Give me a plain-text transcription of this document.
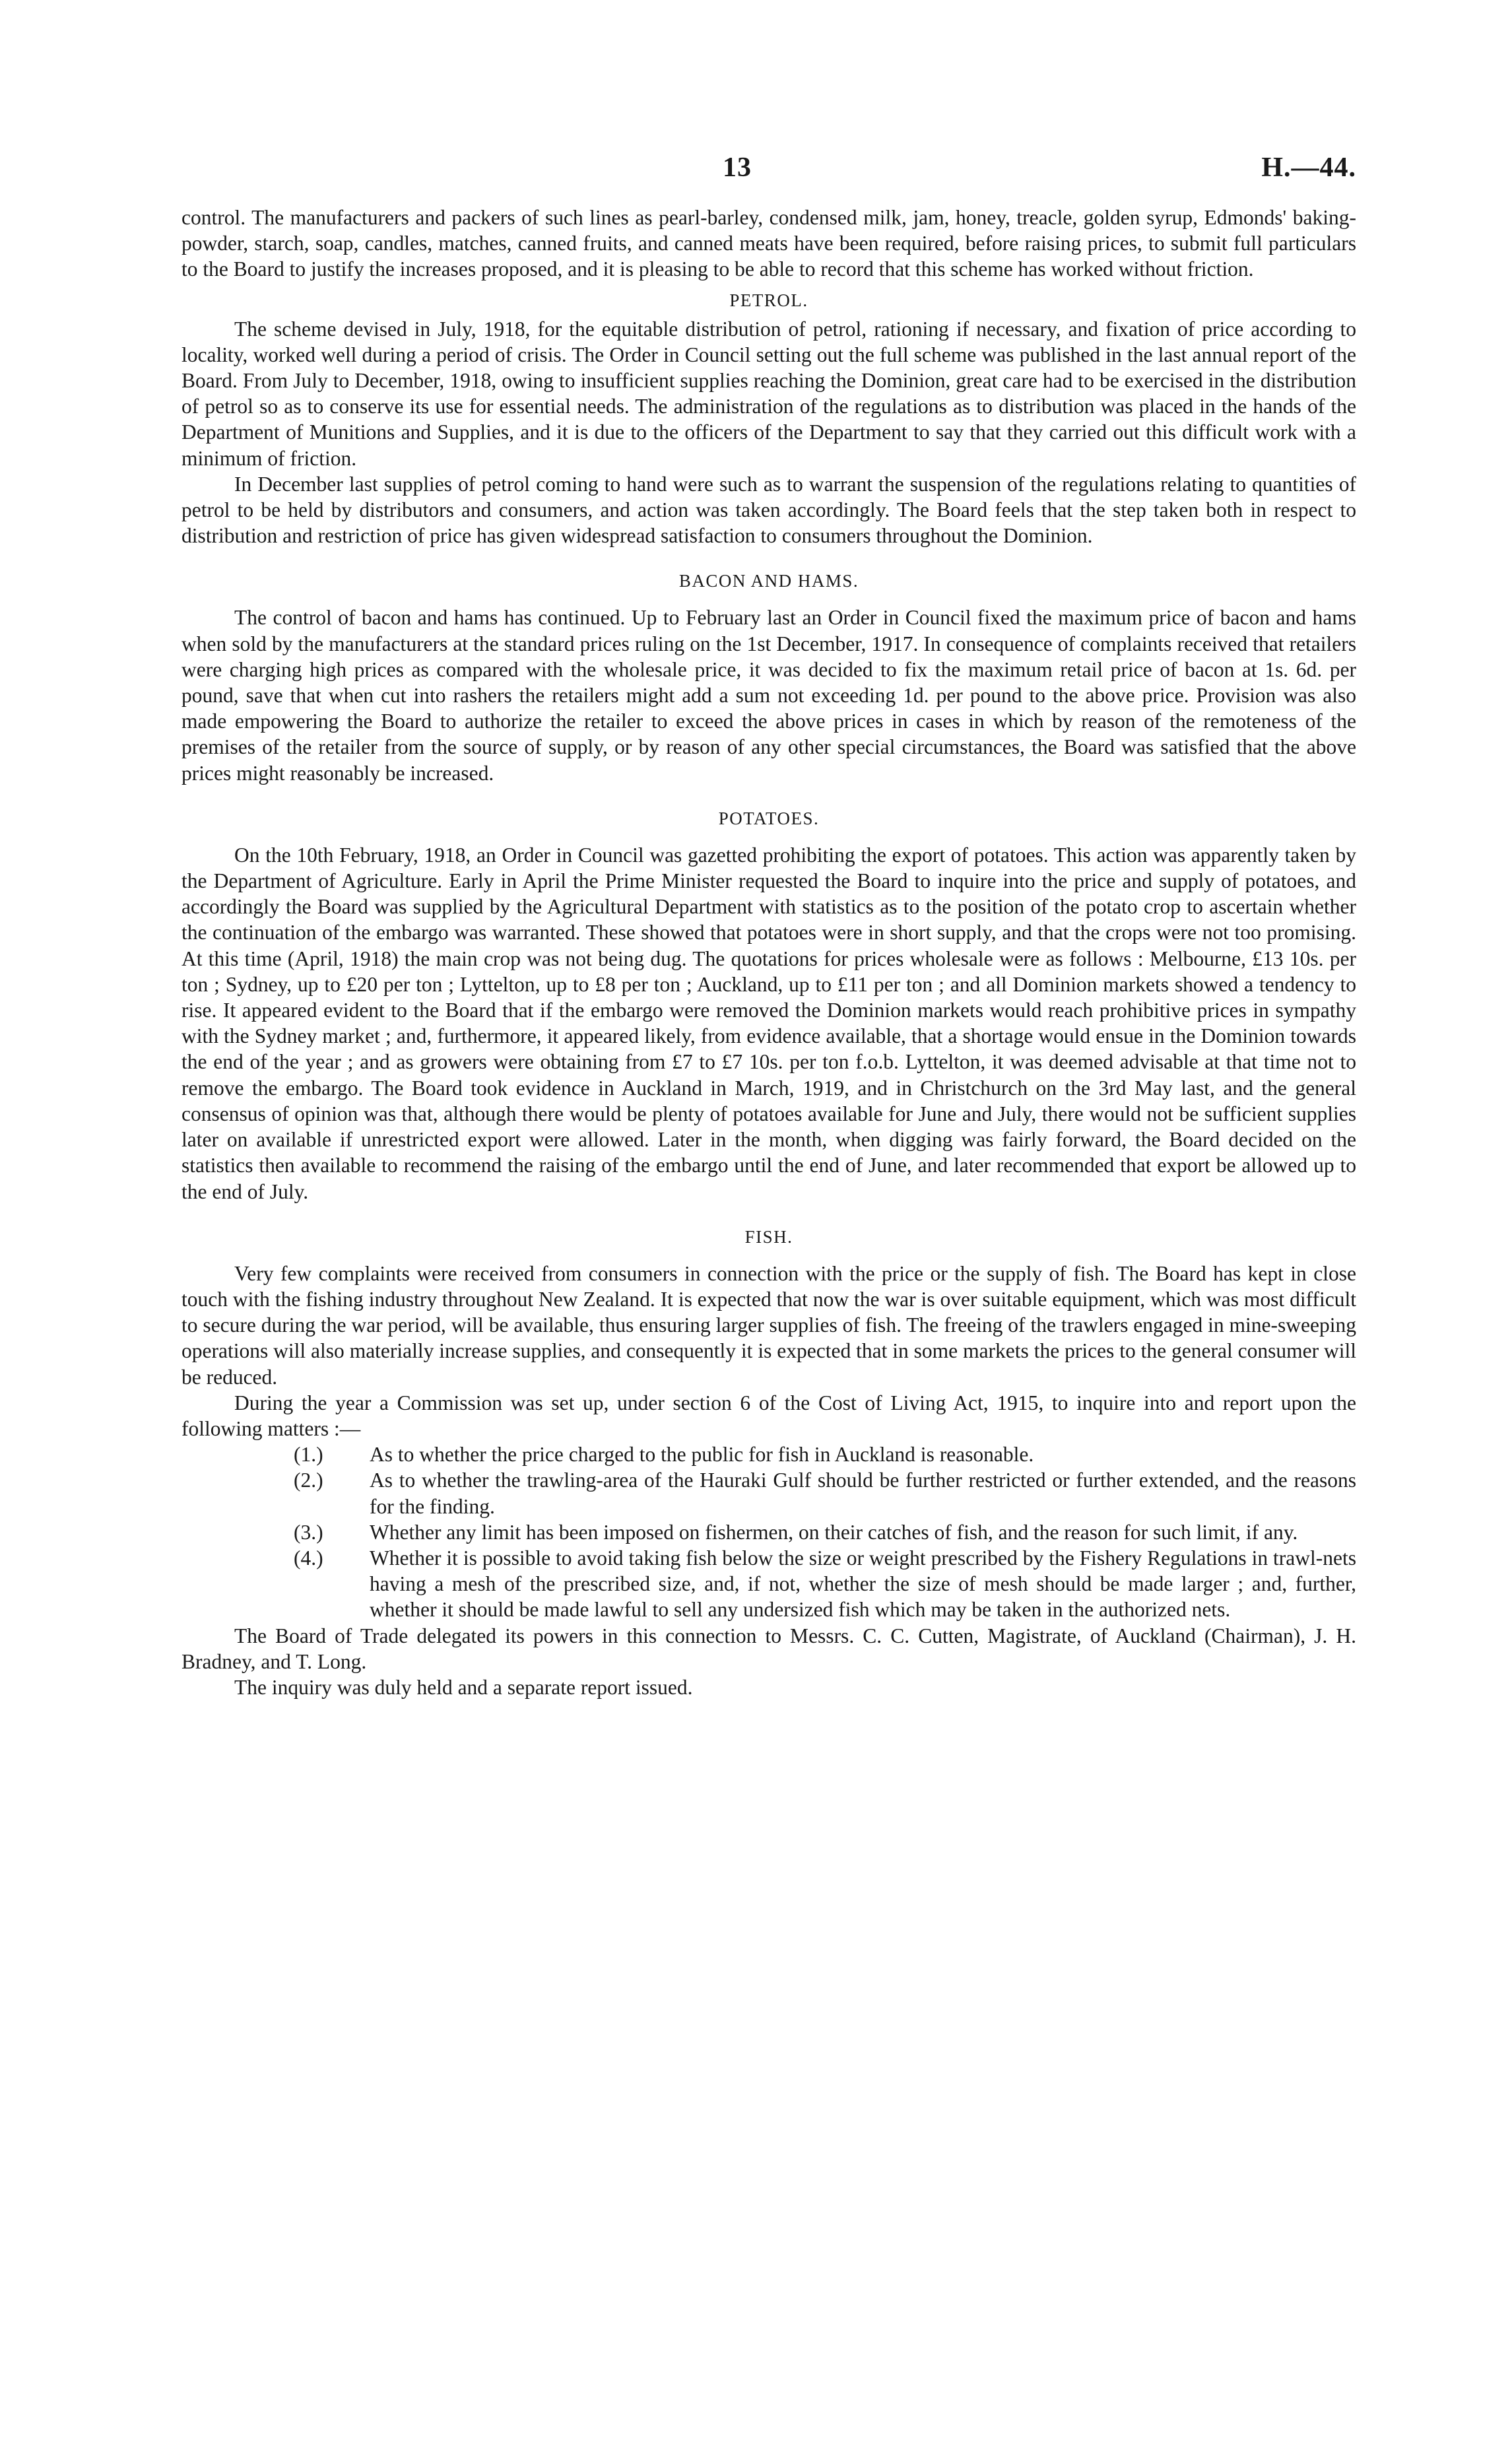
13	H.—44.

control. The manufacturers and packers of such lines as pearl-barley, condensed milk, jam, honey, treacle, golden syrup, Edmonds' baking-powder, starch, soap, candles, matches, canned fruits, and canned meats have been required, before raising prices, to submit full particulars to the Board to justify the increases proposed, and it is pleasing to be able to record that this scheme has worked without friction.

PETROL.

The scheme devised in July, 1918, for the equitable distribution of petrol, rationing if necessary, and fixation of price according to locality, worked well during a period of crisis. The Order in Council setting out the full scheme was published in the last annual report of the Board. From July to December, 1918, owing to insufficient supplies reaching the Dominion, great care had to be exercised in the distribution of petrol so as to conserve its use for essential needs. The administration of the regulations as to distribution was placed in the hands of the Department of Munitions and Supplies, and it is due to the officers of the Department to say that they carried out this difficult work with a minimum of friction.

In December last supplies of petrol coming to hand were such as to warrant the suspension of the regulations relating to quantities of petrol to be held by distributors and consumers, and action was taken accordingly. The Board feels that the step taken both in respect to distribution and restriction of price has given widespread satisfaction to consumers throughout the Dominion.

BACON AND HAMS.

The control of bacon and hams has continued. Up to February last an Order in Council fixed the maximum price of bacon and hams when sold by the manufacturers at the standard prices ruling on the 1st December, 1917. In consequence of complaints received that retailers were charging high prices as compared with the wholesale price, it was decided to fix the maximum retail price of bacon at 1s. 6d. per pound, save that when cut into rashers the retailers might add a sum not exceeding 1d. per pound to the above price. Provision was also made empowering the Board to authorize the retailer to exceed the above prices in cases in which by reason of the remoteness of the premises of the retailer from the source of supply, or by reason of any other special circumstances, the Board was satisfied that the above prices might reasonably be increased.

POTATOES.

On the 10th February, 1918, an Order in Council was gazetted prohibiting the export of potatoes. This action was apparently taken by the Department of Agriculture. Early in April the Prime Minister requested the Board to inquire into the price and supply of potatoes, and accordingly the Board was supplied by the Agricultural Department with statistics as to the position of the potato crop to ascertain whether the continuation of the embargo was warranted. These showed that potatoes were in short supply, and that the crops were not too promising. At this time (April, 1918) the main crop was not being dug. The quotations for prices wholesale were as follows : Melbourne, £13 10s. per ton ; Sydney, up to £20 per ton ; Lyttelton, up to £8 per ton ; Auckland, up to £11 per ton ; and all Dominion markets showed a tendency to rise. It appeared evident to the Board that if the embargo were removed the Dominion markets would reach prohibitive prices in sympathy with the Sydney market ; and, furthermore, it appeared likely, from evidence available, that a shortage would ensue in the Dominion towards the end of the year ; and as growers were obtaining from £7 to £7 10s. per ton f.o.b. Lyttelton, it was deemed advisable at that time not to remove the embargo. The Board took evidence in Auckland in March, 1919, and in Christchurch on the 3rd May last, and the general consensus of opinion was that, although there would be plenty of potatoes available for June and July, there would not be sufficient supplies later on available if unrestricted export were allowed. Later in the month, when digging was fairly forward, the Board decided on the statistics then available to recommend the raising of the embargo until the end of June, and later recommended that export be allowed up to the end of July.

FISH.

Very few complaints were received from consumers in connection with the price or the supply of fish. The Board has kept in close touch with the fishing industry throughout New Zealand. It is expected that now the war is over suitable equipment, which was most difficult to secure during the war period, will be available, thus ensuring larger supplies of fish. The freeing of the trawlers engaged in mine-sweeping operations will also materially increase supplies, and consequently it is expected that in some markets the prices to the general consumer will be reduced.

During the year a Commission was set up, under section 6 of the Cost of Living Act, 1915, to inquire into and report upon the following matters :—

(1.)	As to whether the price charged to the public for fish in Auckland is reasonable.
(2.)	As to whether the trawling-area of the Hauraki Gulf should be further restricted or further extended, and the reasons for the finding.
(3.)	Whether any limit has been imposed on fishermen, on their catches of fish, and the reason for such limit, if any.
(4.)	Whether it is possible to avoid taking fish below the size or weight prescribed by the Fishery Regulations in trawl-nets having a mesh of the prescribed size, and, if not, whether the size of mesh should be made larger ; and, further, whether it should be made lawful to sell any undersized fish which may be taken in the authorized nets.

The Board of Trade delegated its powers in this connection to Messrs. C. C. Cutten, Magistrate, of Auckland (Chairman), J. H. Bradney, and T. Long.

The inquiry was duly held and a separate report issued.
